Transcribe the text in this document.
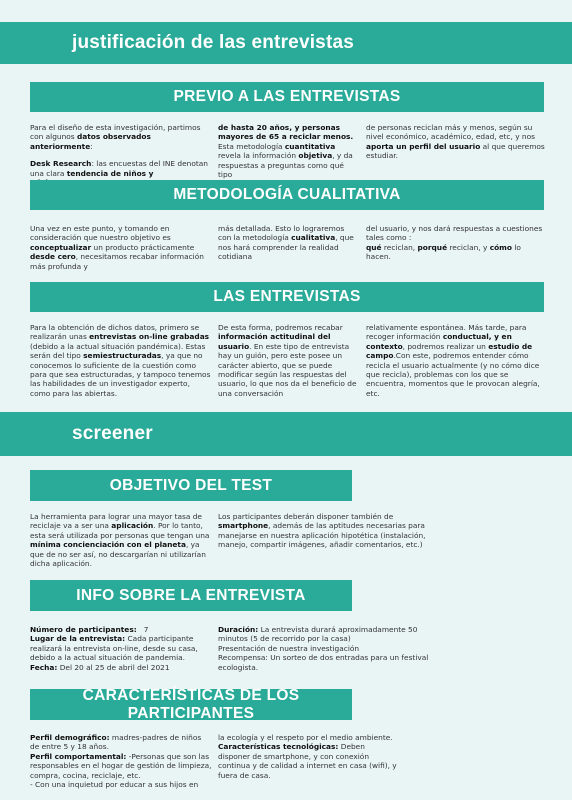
justificación de las entrevistas
PREVIO A LAS ENTREVISTAS
Para el diseño de esta investigación, partimos con algunos datos observados anteriormente:
Desk Research: las encuestas del INE denotan una clara tendencia de niños y
de hasta 20 años, y personas mayores de 65 a reciclar menos. Esta metodología cuantitativa revela la información objetiva, y da respuestas a preguntas como qué tipo
de personas reciclan más y menos, según su nivel económico, académico, edad, etc, y nos aporta un perfil del usuario al que queremos estudiar.
METODOLOGÍA CUALITATIVA
Una vez en este punto, y tomando en consideración que nuestro objetivo es conceptualizar un producto prácticamente desde cero, necesitamos recabar información más profunda y
más detallada. Esto lo lograremos con la metodología cualitativa, que nos hará comprender la realidad cotidiana
del usuario, y nos dará respuestas a cuestiones tales como :
qué reciclan, porqué reciclan, y cómo lo hacen.
LAS ENTREVISTAS
Para la obtención de dichos datos, primero se realizarán unas entrevistas on-line grabadas (debido a la actual situación pandémica). Estas serán del tipo semiestructuradas, ya que no conocemos lo suficiente de la cuestión como para que sea estructuradas, y tampoco tenemos las habilidades de un investigador experto, como para las abiertas.
De esta forma, podremos recabar información actitudinal del usuario. En este tipo de entrevista hay un guión, pero este posee un carácter abierto, que se puede modificar según las respuestas del usuario, lo que nos da el beneficio de una conversación
relativamente espontánea. Más tarde, para recoger información conductual, y en contexto, podremos realizar un estudio de campo.Con este, podremos entender cómo recicla el usuario actualmente (y no cómo dice que recicla), problemas con los que se encuentra, momentos que le provocan alegría, etc.
screener
OBJETIVO DEL TEST
La herramienta para lograr una mayor tasa de reciclaje va a ser una aplicación. Por lo tanto, esta será utilizada por personas que tengan una mínima concienciación con el planeta, ya que de no ser así, no descargarían ni utilizarían dicha aplicación.
Los participantes deberán disponer también de smartphone, además de las aptitudes necesarias para manejarse en nuestra aplicación hipotética (instalación, manejo, compartir imágenes, añadir comentarios, etc.)
INFO SOBRE LA ENTREVISTA
Número de participantes: 7
Lugar de la entrevista: Cada participante realizará la entrevista on-line, desde su casa, debido a la actual situación de pandemia.
Fecha: Del 20 al 25 de abril del 2021
Duración: La entrevista durará aproximadamente 50 minutos (5 de recorrido por la casa)
Presentación de nuestra investigación
Recompensa: Un sorteo de dos entradas para un festival ecologista.
CARACTERÍSTICAS DE LOS PARTICIPANTES
Perfil demográfico: madres-padres de niños de entre 5 y 18 años.
Perfil comportamental: -Personas que son las responsables en el hogar de gestión de limpieza, compra, cocina, reciclaje, etc.
- Con una inquietud por educar a sus hijos en
la ecología y el respeto por el medio ambiente.
Características tecnológicas: Deben disponer de smartphone, y con conexión continua y de calidad a internet en casa (wifi), y fuera de casa.
